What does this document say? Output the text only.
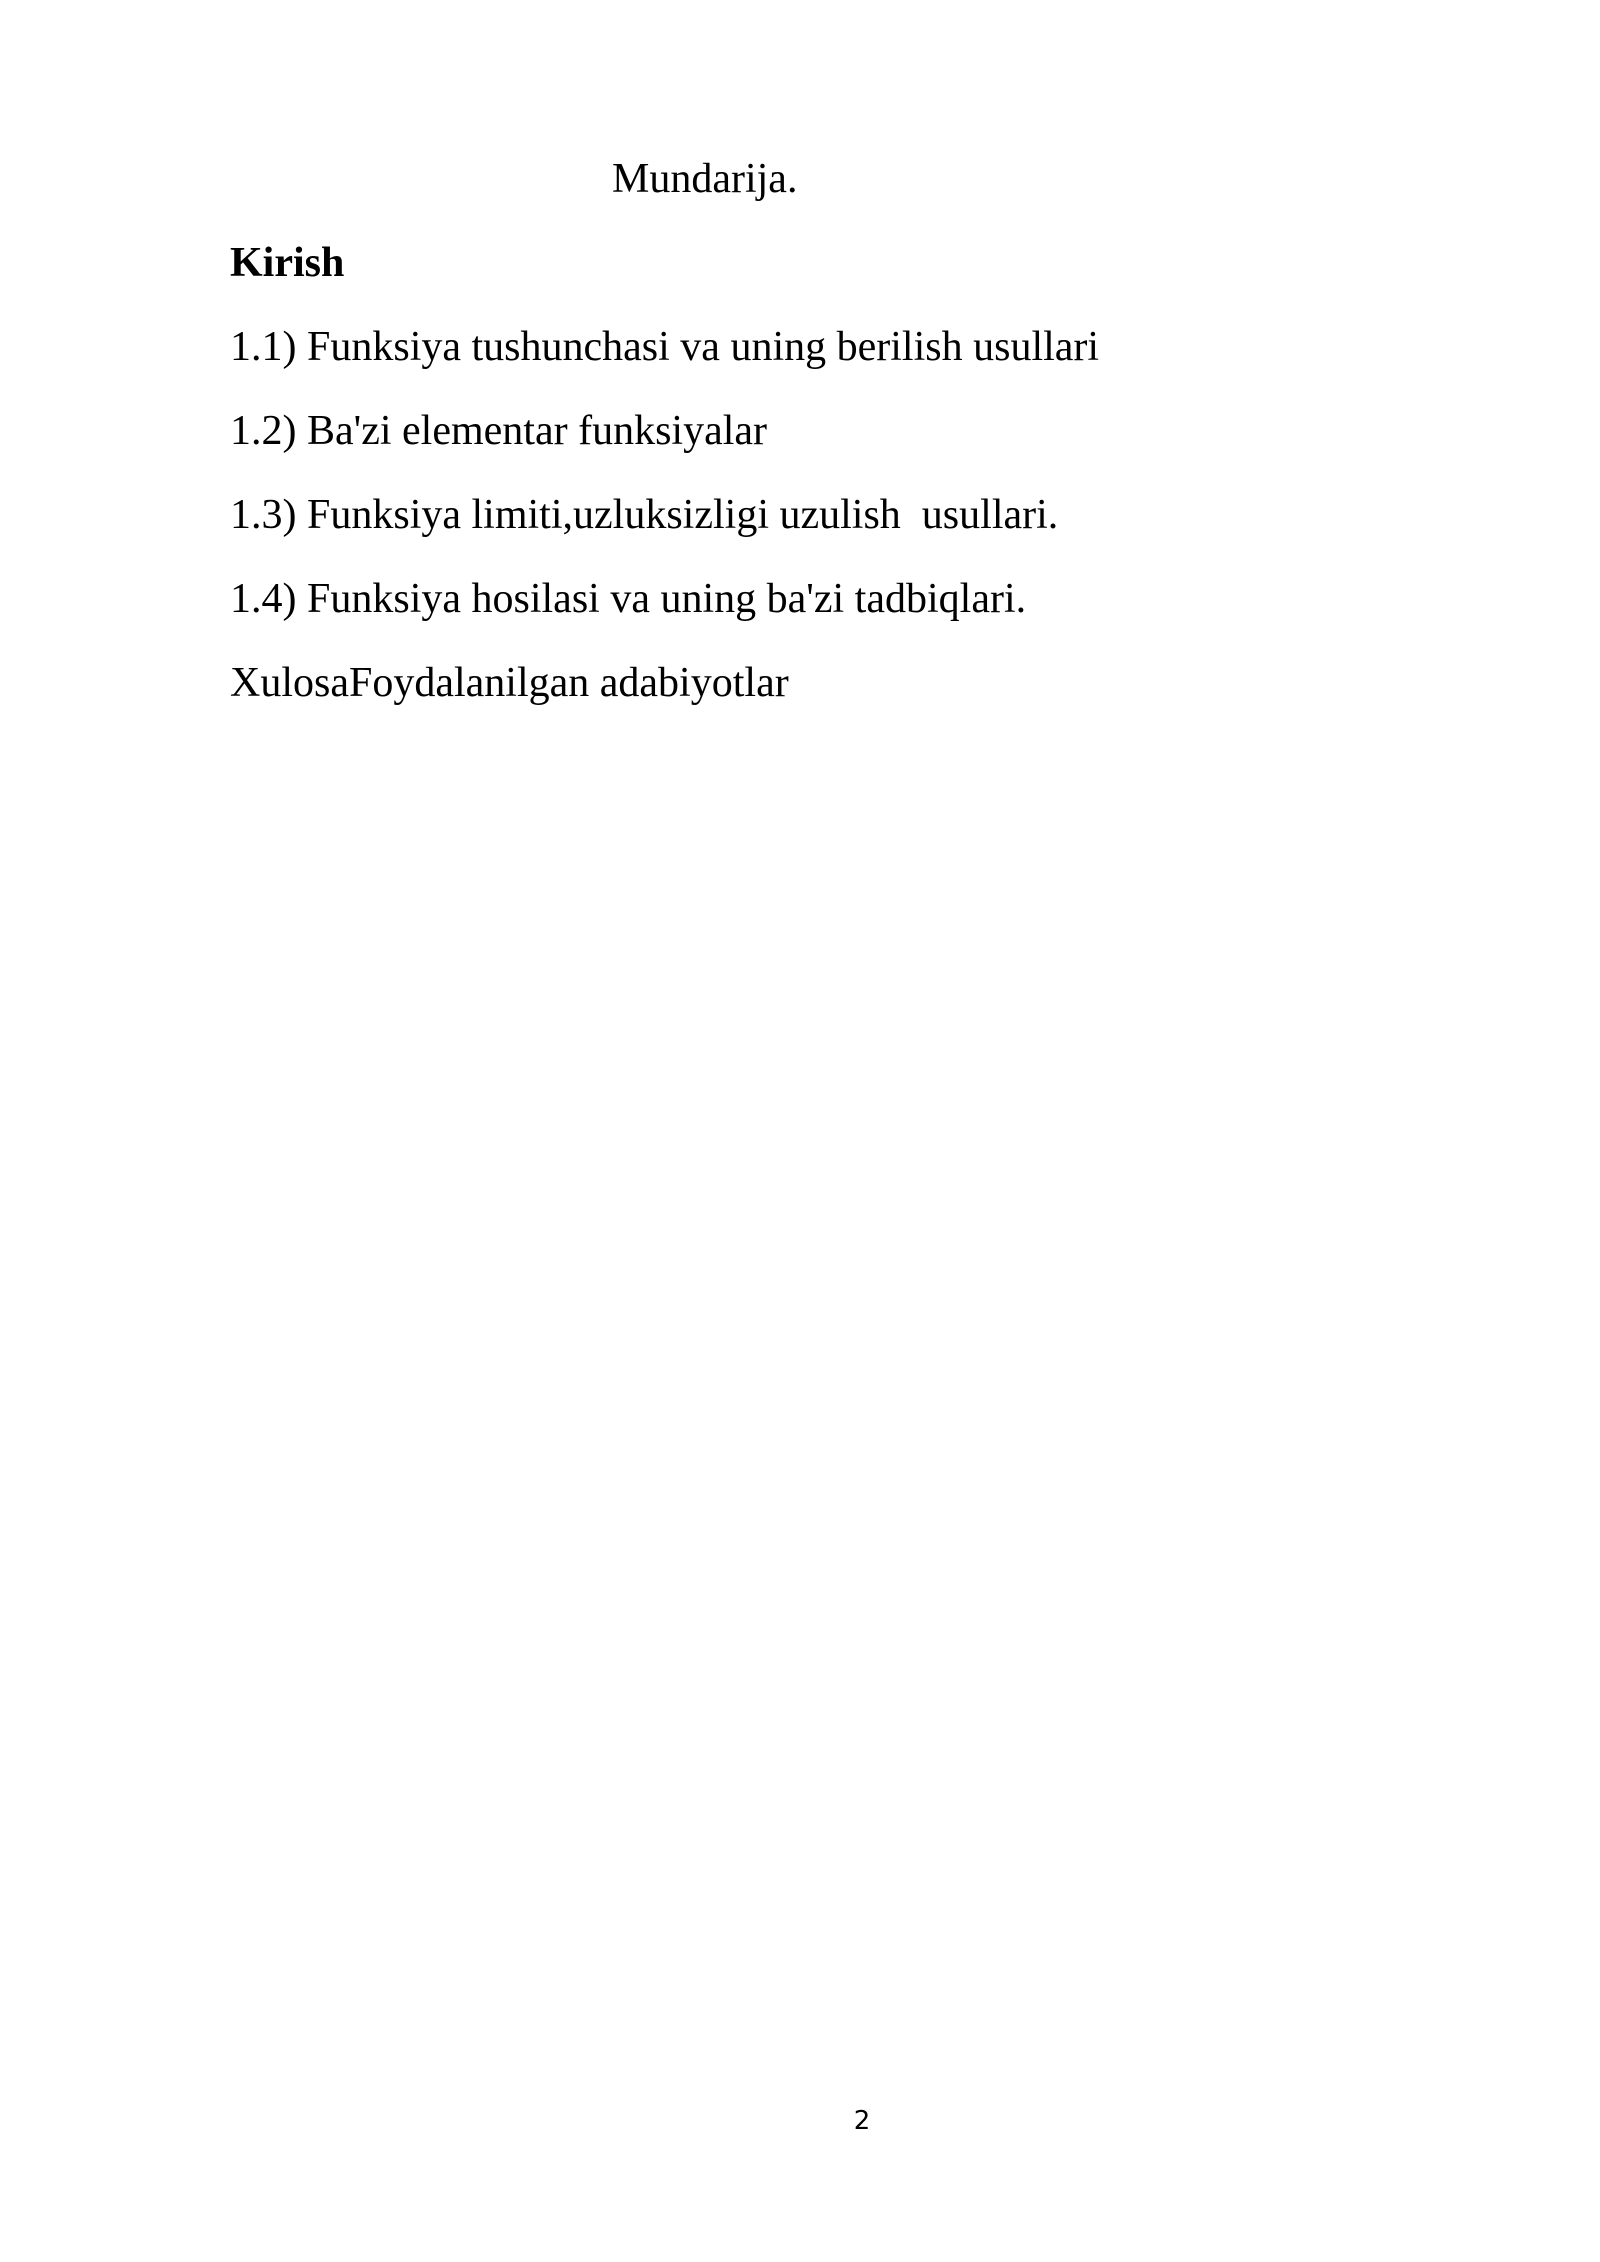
Mundarija.

Kirish

1.1) Funksiya tushunchasi va uning berilish usullari

1.2) Ba'zi elementar funksiyalar

1.3) Funksiya limiti,uzluksizligi uzulish  usullari.

1.4) Funksiya hosilasi va uning ba'zi tadbiqlari.

XulosaFoydalanilgan adabiyotlar

2
